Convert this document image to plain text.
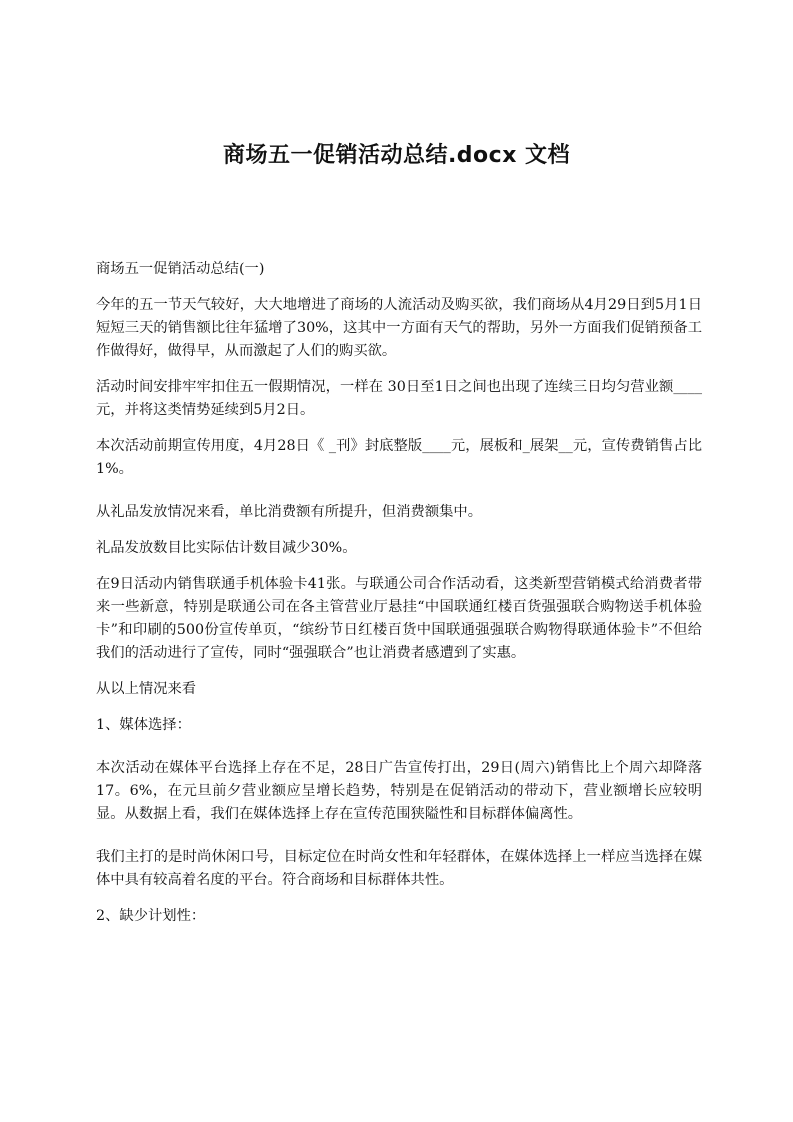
商场五一促销活动总结.docx 文档

商场五一促销活动总结(一)

今年的五一节天气较好，大大地增进了商场的人流活动及购买欲，我们商场从4月29日到5月1日短短三天的销售额比往年猛增了30%，这其中一方面有天气的帮助，另外一方面我们促销预备工作做得好，做得早，从而激起了人们的购买欲。

活动时间安排牢牢扣住五一假期情况，一样在 30日至1日之间也出现了连续三日均匀营业额____元，并将这类情势延续到5月2日。

本次活动前期宣传用度，4月28日《 _刊》封底整版____元，展板和_展架__元，宣传费销售占比1%。

从礼品发放情况来看，单比消费额有所提升，但消费额集中。

礼品发放数目比实际估计数目减少30%。

在9日活动内销售联通手机体验卡41张。与联通公司合作活动看，这类新型营销模式给消费者带来一些新意，特别是联通公司在各主管营业厅悬挂“中国联通红楼百货强强联合购物送手机体验卡”和印刷的500份宣传单页，“缤纷节日红楼百货中国联通强强联合购物得联通体验卡”不但给我们的活动进行了宣传，同时“强强联合”也让消费者感遭到了实惠。

从以上情况来看

1、媒体选择：

本次活动在媒体平台选择上存在不足，28日广告宣传打出，29日(周六)销售比上个周六却降落17。6%，在元旦前夕营业额应呈增长趋势，特别是在促销活动的带动下，营业额增长应较明显。从数据上看，我们在媒体选择上存在宣传范围狭隘性和目标群体偏离性。

我们主打的是时尚休闲口号，目标定位在时尚女性和年轻群体，在媒体选择上一样应当选择在媒体中具有较高着名度的平台。符合商场和目标群体共性。

2、缺少计划性：
